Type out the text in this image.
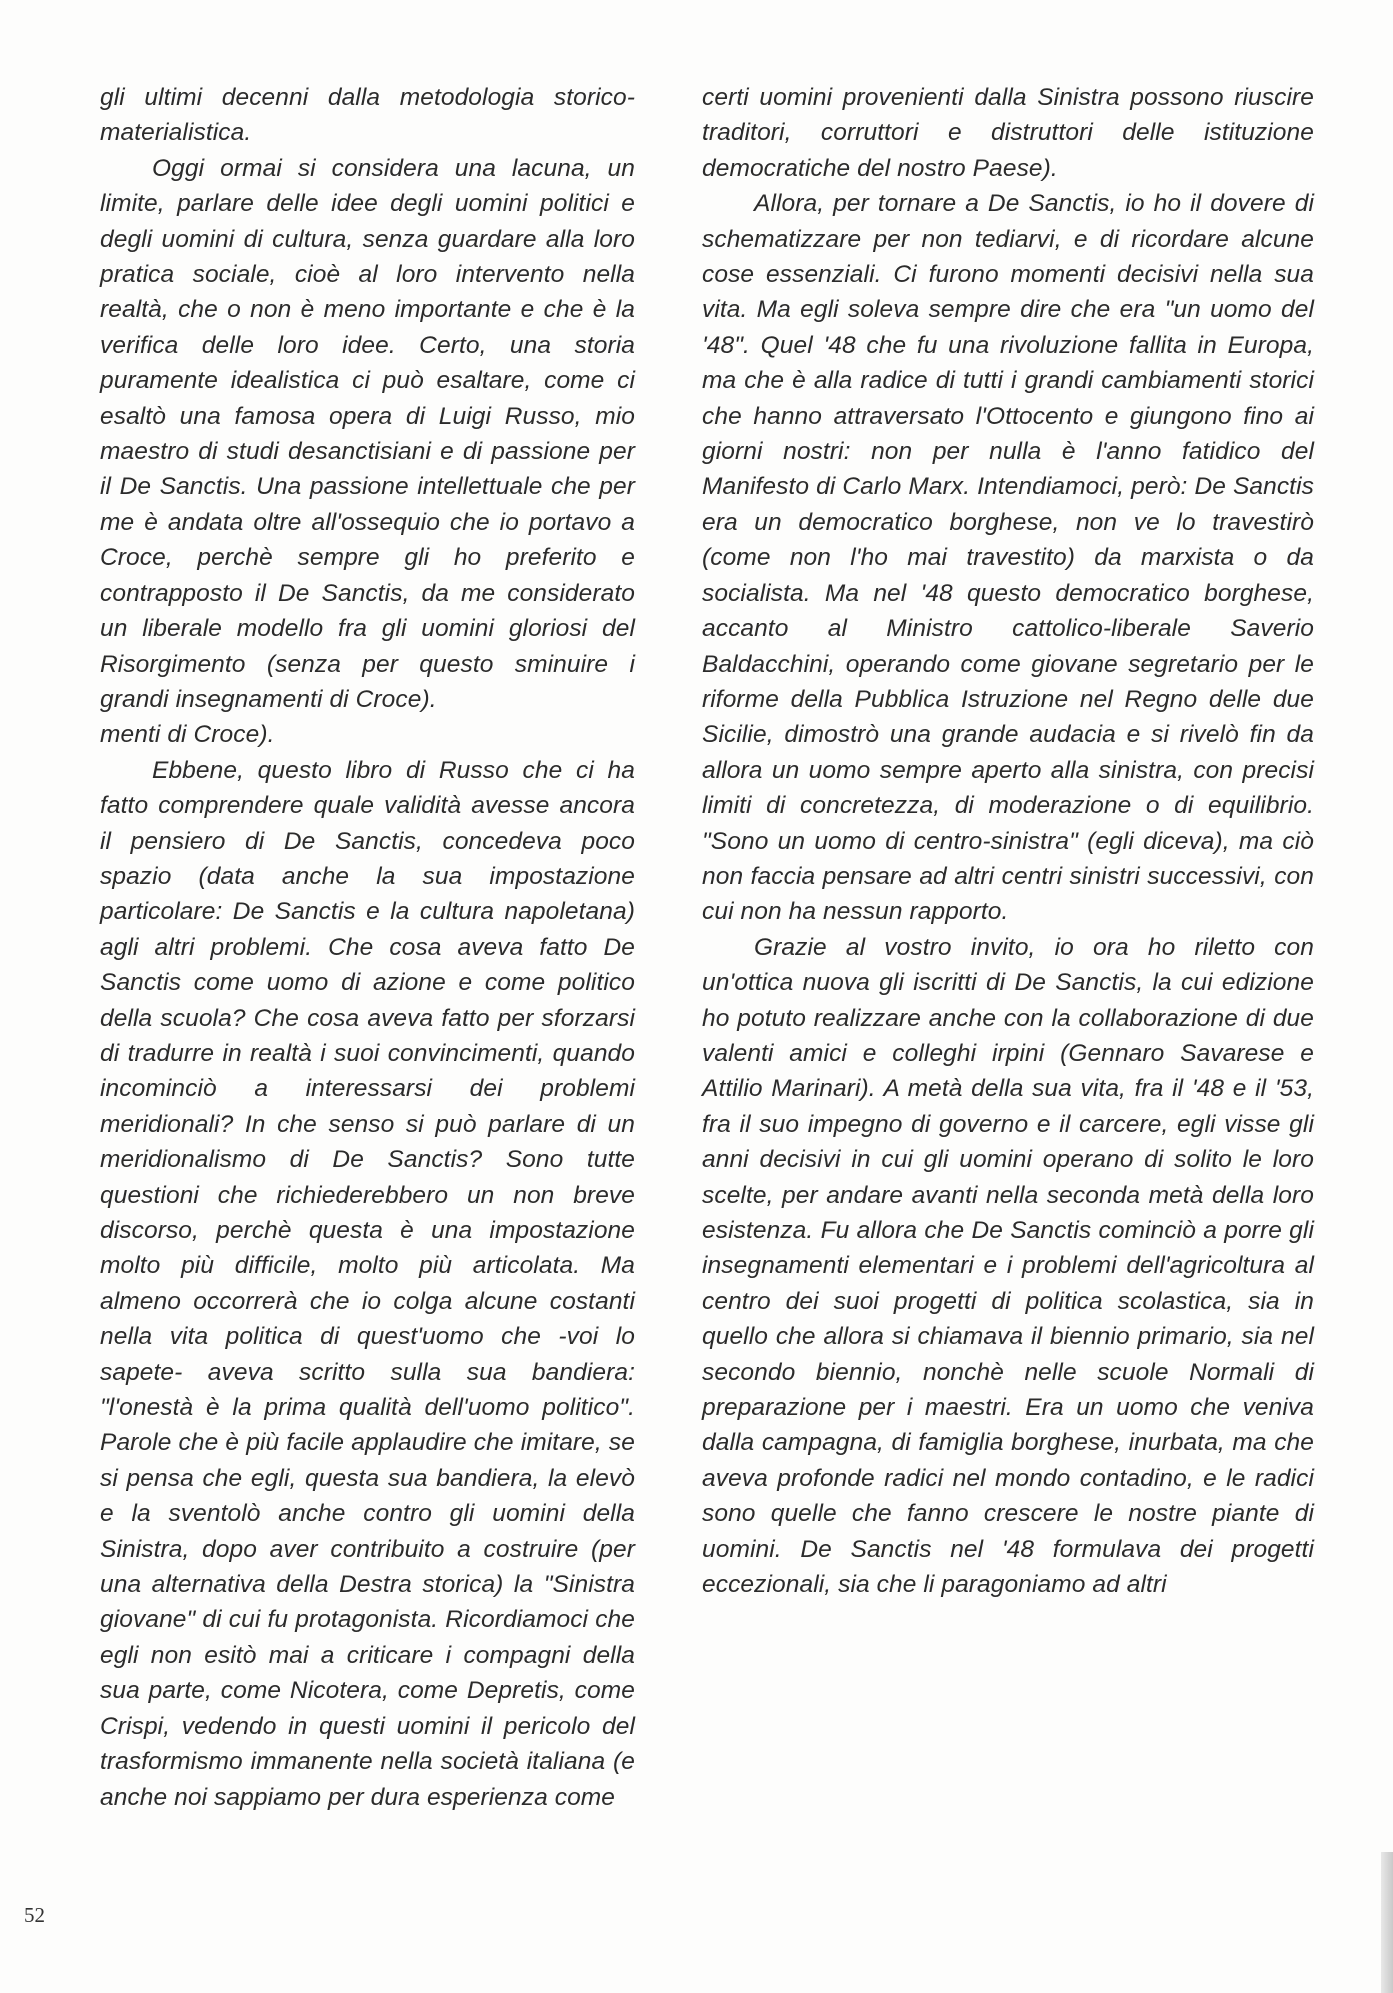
gli ultimi decenni dalla metodologia storico-materialistica.

Oggi ormai si considera una lacuna, un limite, parlare delle idee degli uomini politici e degli uomini di cultura, senza guardare alla loro pratica sociale, cioè al loro intervento nella realtà, che o non è meno importante e che è la verifica delle loro idee. Certo, una storia puramente idealistica ci può esaltare, come ci esaltò una famosa opera di Luigi Russo, mio maestro di studi desanctisiani e di passione per il De Sanctis. Una passione intellettuale che per me è andata oltre all'ossequio che io portavo a Croce, perchè sempre gli ho preferito e contrapposto il De Sanctis, da me considerato un liberale modello fra gli uomini gloriosi del Risorgimento (senza per questo sminuire i grandi insegnamenti di Croce).

menti di Croce).

Ebbene, questo libro di Russo che ci ha fatto comprendere quale validità avesse ancora il pensiero di De Sanctis, concedeva poco spazio (data anche la sua impostazione particolare: De Sanctis e la cultura napoletana) agli altri problemi. Che cosa aveva fatto De Sanctis come uomo di azione e come politico della scuola? Che cosa aveva fatto per sforzarsi di tradurre in realtà i suoi convincimenti, quando incominciò a interessarsi dei problemi meridionali? In che senso si può parlare di un meridionalismo di De Sanctis? Sono tutte questioni che richiederebbero un non breve discorso, perchè questa è una impostazione molto più difficile, molto più articolata. Ma almeno occorrerà che io colga alcune costanti nella vita politica di quest'uomo che -voi lo sapete- aveva scritto sulla sua bandiera: "l'onestà è la prima qualità dell'uomo politico". Parole che è più facile applaudire che imitare, se si pensa che egli, questa sua bandiera, la elevò e la sventolò anche contro gli uomini della Sinistra, dopo aver contribuito a costruire (per una alternativa della Destra storica) la "Sinistra giovane" di cui fu protagonista. Ricordiamoci che egli non esitò mai a criticare i compagni della sua parte, come Nicotera, come Depretis, come Crispi, vedendo in questi uomini il pericolo del trasformismo immanente nella società italiana (e anche noi sappiamo per dura esperienza come

certi uomini provenienti dalla Sinistra possono riuscire traditori, corruttori e distruttori delle istituzione democratiche del nostro Paese).

Allora, per tornare a De Sanctis, io ho il dovere di schematizzare per non tediarvi, e di ricordare alcune cose essenziali. Ci furono momenti decisivi nella sua vita. Ma egli soleva sempre dire che era "un uomo del '48". Quel '48 che fu una rivoluzione fallita in Europa, ma che è alla radice di tutti i grandi cambiamenti storici che hanno attraversato l'Ottocento e giungono fino ai giorni nostri: non per nulla è l'anno fatidico del Manifesto di Carlo Marx. Intendiamoci, però: De Sanctis era un democratico borghese, non ve lo travestirò (come non l'ho mai travestito) da marxista o da socialista. Ma nel '48 questo democratico borghese, accanto al Ministro cattolico-liberale Saverio Baldacchini, operando come giovane segretario per le riforme della Pubblica Istruzione nel Regno delle due Sicilie, dimostrò una grande audacia e si rivelò fin da allora un uomo sempre aperto alla sinistra, con precisi limiti di concretezza, di moderazione o di equilibrio. "Sono un uomo di centro-sinistra" (egli diceva), ma ciò non faccia pensare ad altri centri sinistri successivi, con cui non ha nessun rapporto.

Grazie al vostro invito, io ora ho riletto con un'ottica nuova gli iscritti di De Sanctis, la cui edizione ho potuto realizzare anche con la collaborazione di due valenti amici e colleghi irpini (Gennaro Savarese e Attilio Marinari). A metà della sua vita, fra il '48 e il '53, fra il suo impegno di governo e il carcere, egli visse gli anni decisivi in cui gli uomini operano di solito le loro scelte, per andare avanti nella seconda metà della loro esistenza. Fu allora che De Sanctis cominciò a porre gli insegnamenti elementari e i problemi dell'agricoltura al centro dei suoi progetti di politica scolastica, sia in quello che allora si chiamava il biennio primario, sia nel secondo biennio, nonchè nelle scuole Normali di preparazione per i maestri. Era un uomo che veniva dalla campagna, di famiglia borghese, inurbata, ma che aveva profonde radici nel mondo contadino, e le radici sono quelle che fanno crescere le nostre piante di uomini. De Sanctis nel '48 formulava dei progetti eccezionali, sia che li paragoniamo ad altri

52
